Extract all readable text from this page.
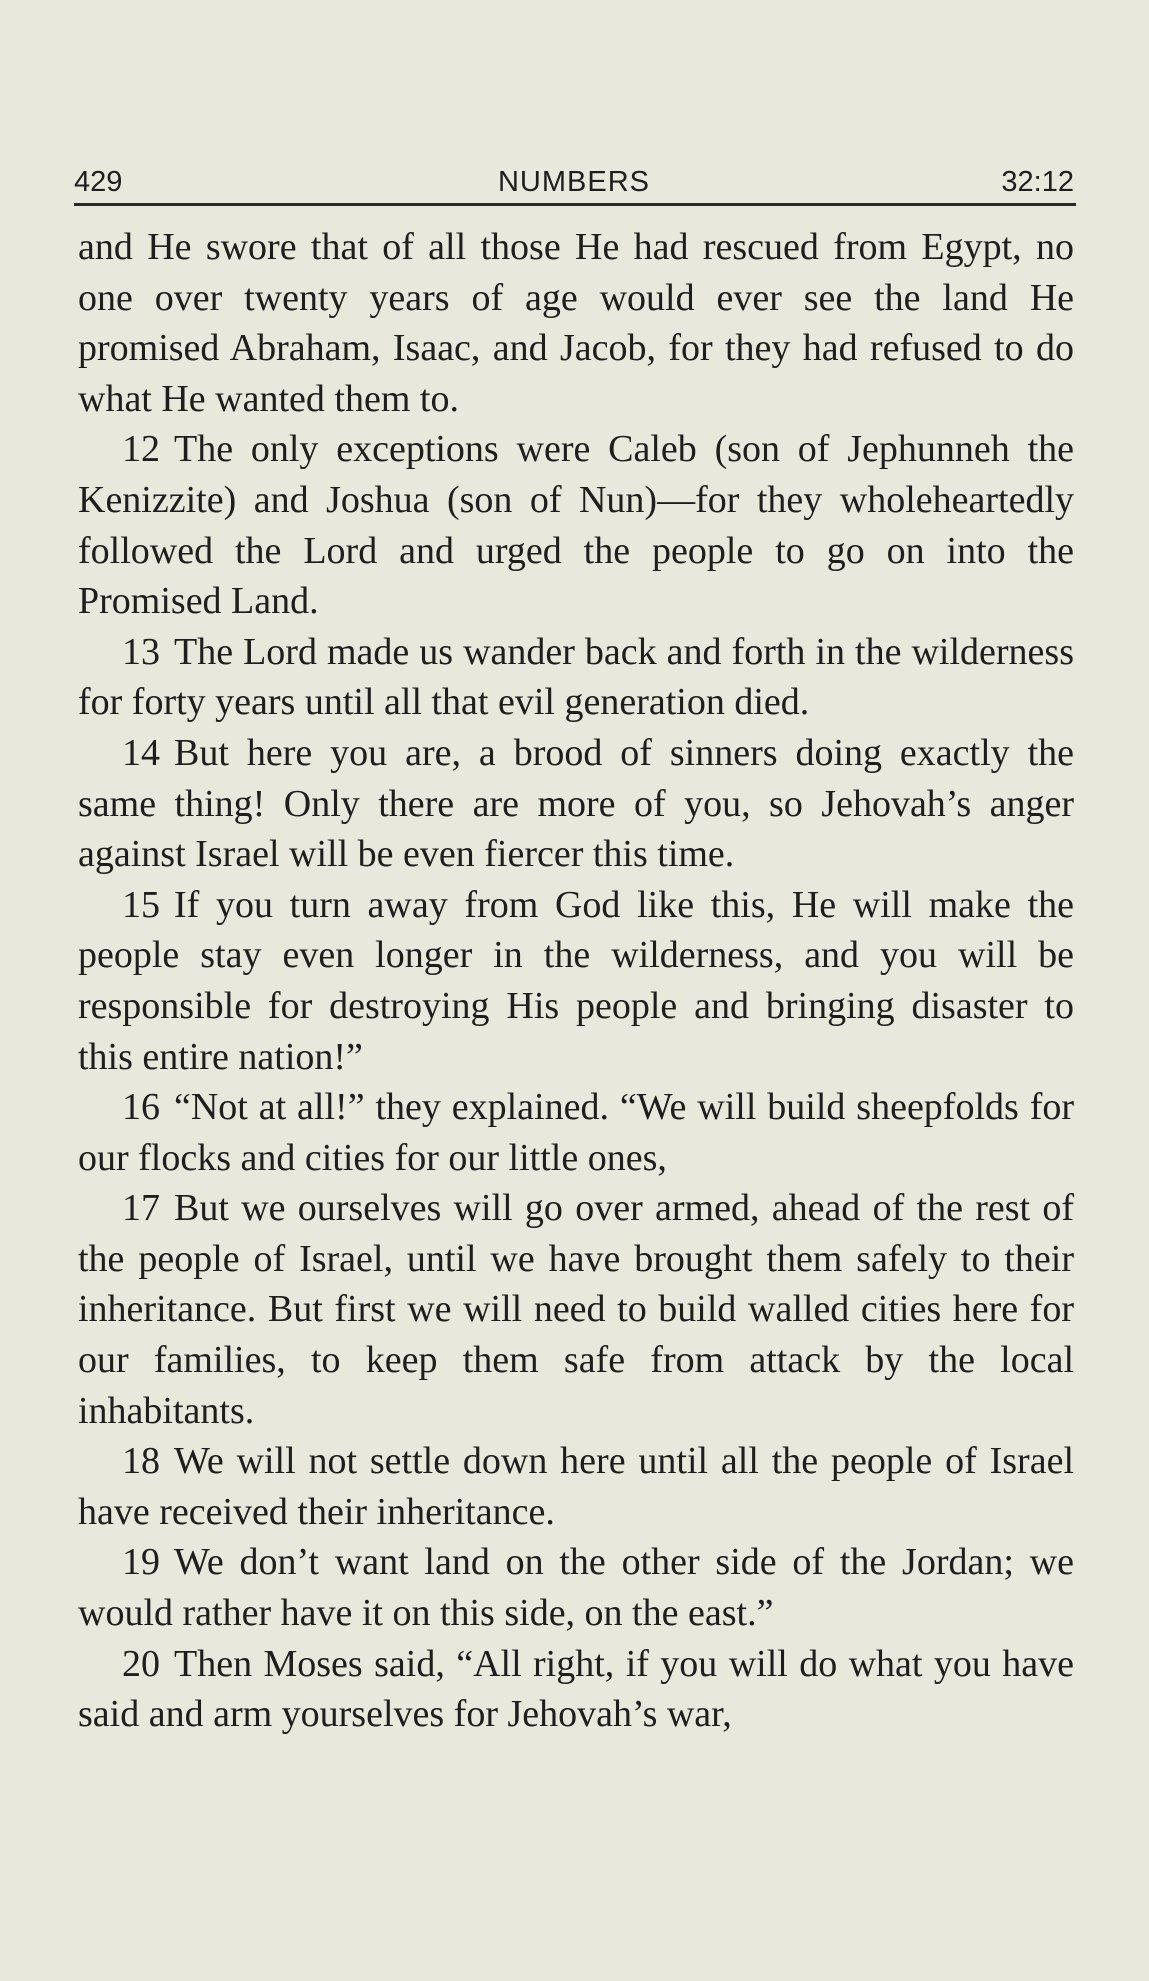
429	NUMBERS	32:12

and He swore that of all those He had rescued from Egypt, no one over twenty years of age would ever see the land He promised Abraham, Isaac, and Jacob, for they had refused to do what He wanted them to.

12 The only exceptions were Caleb (son of Jephunneh the Kenizzite) and Joshua (son of Nun)—for they wholeheartedly followed the Lord and urged the people to go on into the Promised Land.

13 The Lord made us wander back and forth in the wilderness for forty years until all that evil generation died.

14 But here you are, a brood of sinners doing exactly the same thing! Only there are more of you, so Jehovah’s anger against Israel will be even fiercer this time.

15 If you turn away from God like this, He will make the people stay even longer in the wilderness, and you will be responsible for destroying His people and bringing disaster to this entire nation!”

16 “Not at all!” they explained. “We will build sheepfolds for our flocks and cities for our little ones,

17 But we ourselves will go over armed, ahead of the rest of the people of Israel, until we have brought them safely to their inheritance. But first we will need to build walled cities here for our families, to keep them safe from attack by the local inhabitants.

18 We will not settle down here until all the people of Israel have received their inheritance.

19 We don’t want land on the other side of the Jordan; we would rather have it on this side, on the east.”

20 Then Moses said, “All right, if you will do what you have said and arm yourselves for Jehovah’s war,
